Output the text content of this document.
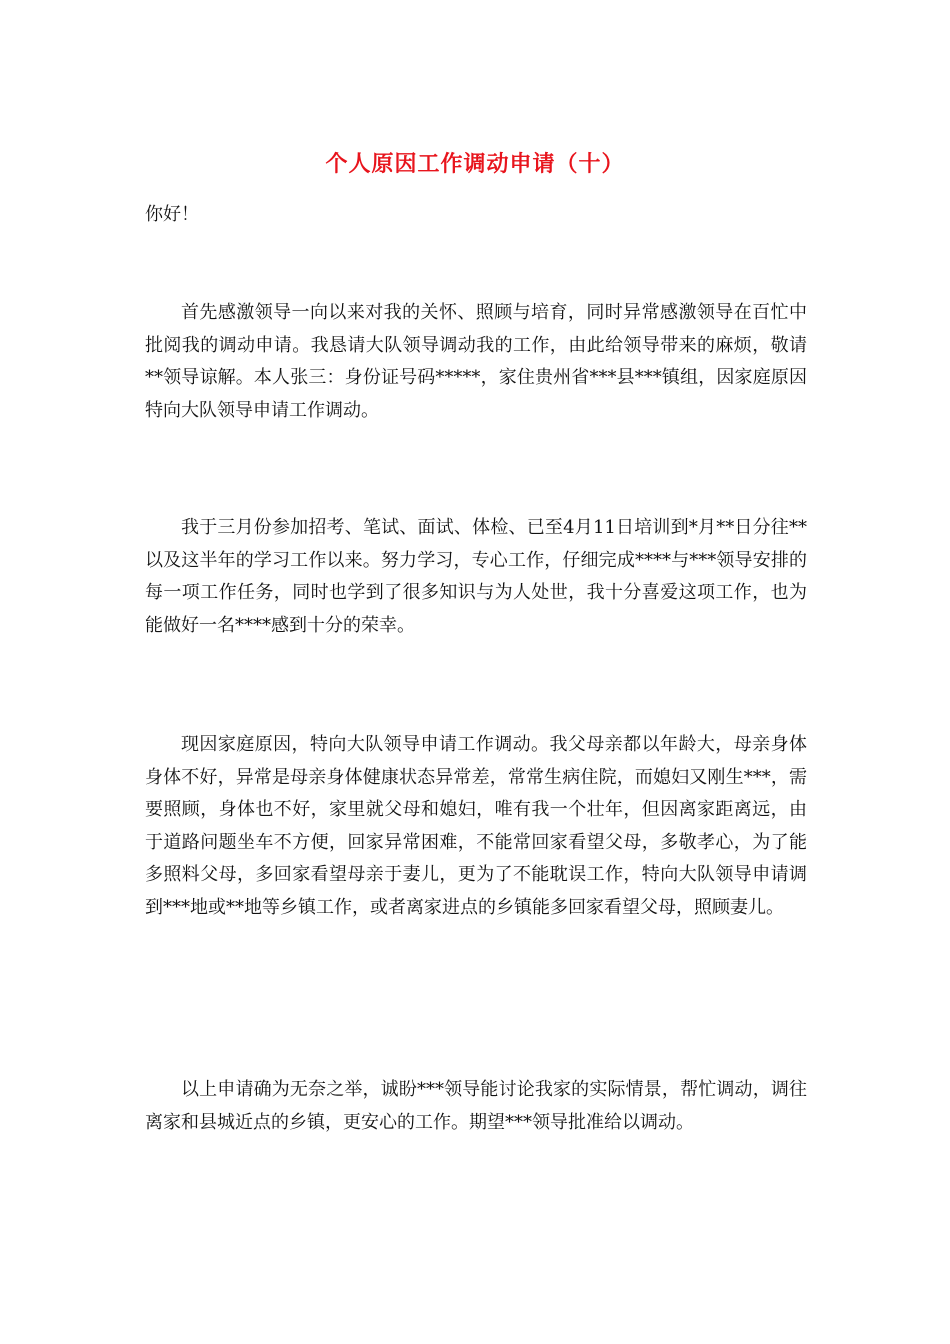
个人原因工作调动申请（十）
你好！

首先感激领导一向以来对我的关怀、照顾与培育，同时异常感激领导在百忙中批阅我的调动申请。我恳请大队领导调动我的工作，由此给领导带来的麻烦，敬请**领导谅解。本人张三：身份证号码*****，家住贵州省***县***镇组，因家庭原因特向大队领导申请工作调动。

我于三月份参加招考、笔试、面试、体检、已至4月11日培训到*月**日分往**以及这半年的学习工作以来。努力学习，专心工作，仔细完成****与***领导安排的每一项工作任务，同时也学到了很多知识与为人处世，我十分喜爱这项工作，也为能做好一名****感到十分的荣幸。

现因家庭原因，特向大队领导申请工作调动。我父母亲都以年龄大，母亲身体身体不好，异常是母亲身体健康状态异常差，常常生病住院，而媳妇又刚生***，需要照顾，身体也不好，家里就父母和媳妇，唯有我一个壮年，但因离家距离远，由于道路问题坐车不方便，回家异常困难，不能常回家看望父母，多敬孝心，为了能多照料父母，多回家看望母亲于妻儿，更为了不能耽误工作，特向大队领导申请调到***地或**地等乡镇工作，或者离家进点的乡镇能多回家看望父母，照顾妻儿。

以上申请确为无奈之举，诚盼***领导能讨论我家的实际情景，帮忙调动，调往离家和县城近点的乡镇，更安心的工作。期望***领导批准给以调动。
